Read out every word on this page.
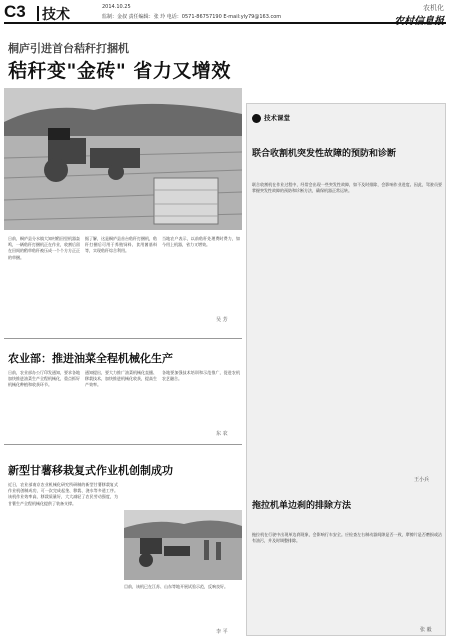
C3 技术	2014.10.25
监制：金叔 责任编辑：张 玲 电话：0571-86757190 E-mail:yly79@163.com
农机化
农村信息报
桐庐引进首台秸秆打捆机
秸秆变"金砖" 省力又增效
日前，桐庐县分水镇大知村稻田里机器轰鸣，一辆秸秆打捆机正在作业，收割后留在田间的稻草秸秆被压成一个个方方正正的草捆。
据了解，这是桐庐县首台秸秆打捆机，秸秆打捆后可用于养殖饲料、食用菌基料等，实现秸秆综合利用。
当地农户表示，以前秸秆处理费时费力，如今用上机器，省力又增效。
吴 芳
农业部：推进油菜全程机械化生产
日前，农业部办公厅印发通知，要求各地加快推进油菜生产全程机械化，重点抓好机械化种植和收获环节。
通知提出，要大力推广油菜机械化直播、移栽技术，加快推进机械化收获，提高生产效率。
各地要加强技术培训和示范推广，促进农机农艺融合。
东 农
新型甘薯移栽复式作业机创制成功
近日，农业部南京农业机械化研究所研制的新型甘薯移栽复式作业机创制成功，可一次完成起垄、移栽、浇水等多道工序。 该机作业效率高，移栽质量好，大大减轻了农民劳动强度，为甘薯生产全程机械化提供了装备支撑。
目前，该机已在江苏、山东等地开展试验示范，反响良好。
李 平
技术课堂
联合收割机突发性故障的预防和诊断
联合收割机在作业过程中，经常会出现一些突发性故障，如不及时排除，会影响作业进度。因此，驾驶员要掌握突发性故障的预防和诊断方法，确保机器正常运转。
王小兵
拖拉机单边刹的排除方法
拖拉机在行驶中出现单边刹现象，会影响行车安全。应检查左右制动器间隙是否一致，摩擦片是否磨损或沾有油污，并及时调整排除。
张 毅
